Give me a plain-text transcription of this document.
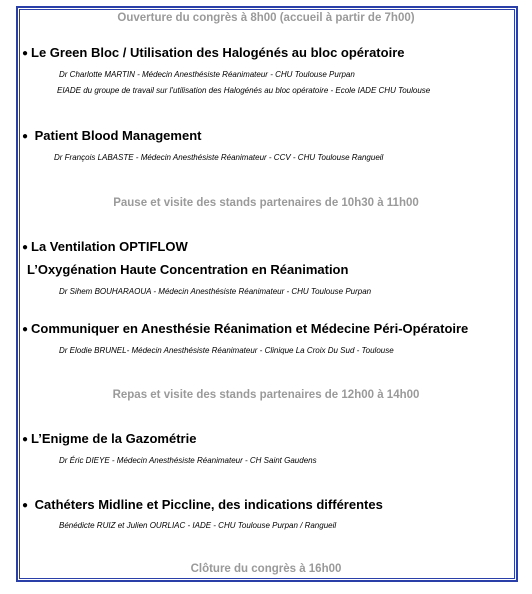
Ouverture du congrès à 8h00 (accueil à partir de 7h00)
● Le Green Bloc / Utilisation des Halogénés au bloc opératoire
Dr Charlotte MARTIN - Médecin Anesthésiste Réanimateur - CHU Toulouse Purpan
EIADE du groupe de travail sur l’utilisation des Halogénés au bloc opératoire - Ecole IADE CHU Toulouse
● Patient Blood Management
Dr François LABASTE - Médecin Anesthésiste Réanimateur - CCV - CHU Toulouse Rangueil
Pause et visite des stands partenaires de 10h30 à 11h00
● La Ventilation OPTIFLOW
L’Oxygénation Haute Concentration en Réanimation
Dr Sihem BOUHARAOUA - Médecin Anesthésiste Réanimateur - CHU Toulouse Purpan
● Communiquer en Anesthésie Réanimation et Médecine Péri-Opératoire
Dr Elodie BRUNEL- Médecin Anesthésiste Réanimateur - Clinique La Croix Du Sud - Toulouse
Repas et visite des stands partenaires de 12h00 à 14h00
● L’Enigme de la Gazométrie
Dr Éric DIEYE - Médecin Anesthésiste Réanimateur - CH Saint Gaudens
● Cathéters Midline et Piccline, des indications différentes
Bénédicte RUIZ et Julien OURLIAC - IADE - CHU Toulouse Purpan / Rangueil
Clôture du congrès à 16h00
